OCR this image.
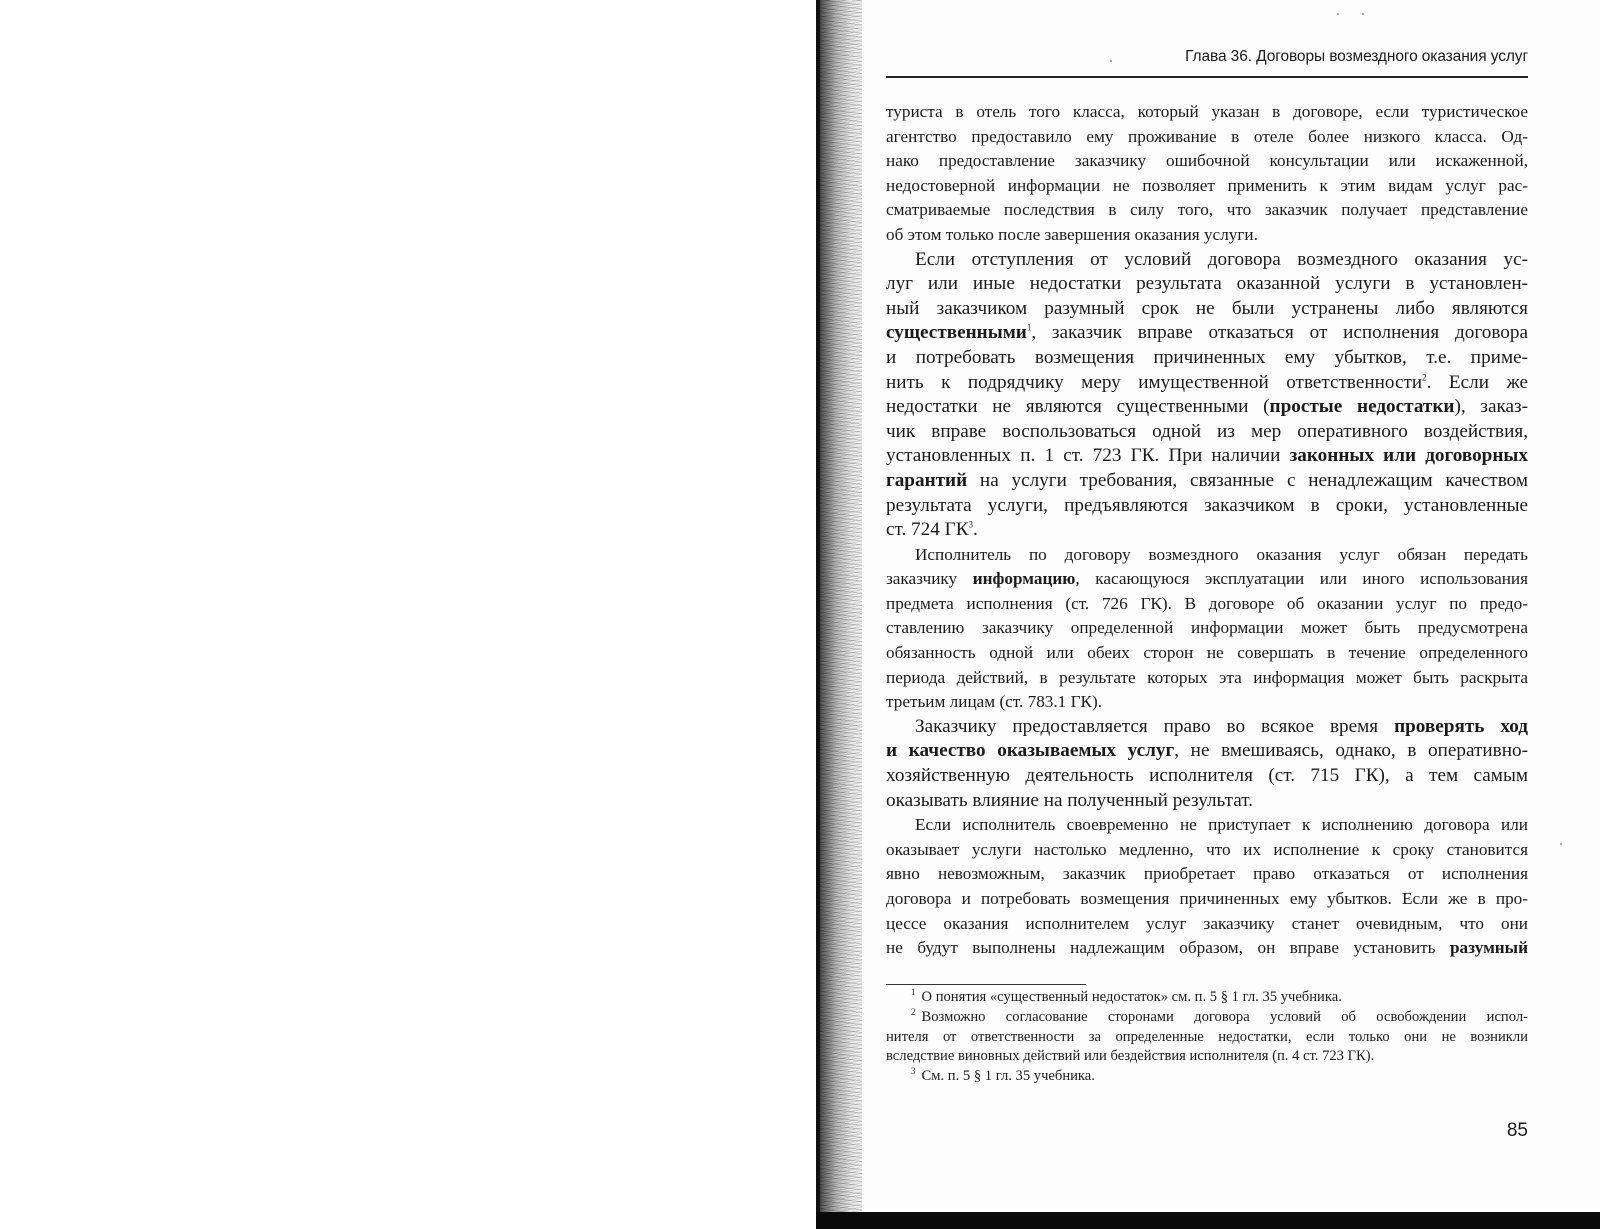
Глава 36. Договоры возмездного оказания услуг
туриста в отель того класса, который указан в договоре, если туристическое
агентство предоставило ему проживание в отеле более низкого класса. Од-
нако предоставление заказчику ошибочной консультации или искаженной,
недостоверной информации не позволяет применить к этим видам услуг рас-
сматриваемые последствия в силу того, что заказчик получает представление
об этом только после завершения оказания услуги.
Если отступления от условий договора возмездного оказания ус-
луг или иные недостатки результата оказанной услуги в установлен-
ный заказчиком разумный срок не были устранены либо являются
существенными$^1$, заказчик вправе отказаться от исполнения договора
и потребовать возмещения причиненных ему убытков, т.е. приме-
нить к подрядчику меру имущественной ответственности$^2$. Если же
недостатки не являются существенными (простые недостатки), заказ-
чик вправе воспользоваться одной из мер оперативного воздействия,
установленных п. 1 ст. 723 ГК. При наличии законных или договорных
гарантий на услуги требования, связанные с ненадлежащим качеством
результата услуги, предъявляются заказчиком в сроки, установленные
ст. 724 $ГК^3$.
Исполнитель по договору возмездного оказания услуг обязан передать
заказчику информацию, касающуюся эксплуатации или иного использования
предмета исполнения (ст. 726 ГК). В договоре об оказании услуг по предо-
ставлению заказчику определенной информации может быть предусмотрена
обязанность одной или обеих сторон не совершать в течение определенного
периода действий, в результате которых эта информация может быть раскрыта
третьим лицам (ст. 783.1 ГК).
Заказчику предоставляется право во всякое время проверять ход
и качество оказываемых услуг, не вмешиваясь, однако, в оперативно-
хозяйственную деятельность исполнителя (ст. 715 ГК), а тем самым
оказывать влияние на полученный результат.
Если исполнитель своевременно не приступает к исполнению договора или
оказывает услуги настолько медленно, что их исполнение к сроку становится
явно невозможным, заказчик приобретает право отказаться от исполнения
договора и потребовать возмещения причиненных ему убытков. Если же в про-
цессе оказания исполнителем услуг заказчику станет очевидным, что они
не будут выполнены надлежащим образом, он вправе установить разумный
$^1$ О понятия «существенный недостаток» см. п. 5 § 1 гл. 35 учебника.
$^2$ Возможно согласование сторонами договора условий об освобождении испол-
нителя от ответственности за определенные недостатки, если только они не возникли
вследствие виновных действий или бездействия исполнителя (п. 4 ст. 723 ГК).
$^3$ См. п. 5 § 1 гл. 35 учебника.
85
